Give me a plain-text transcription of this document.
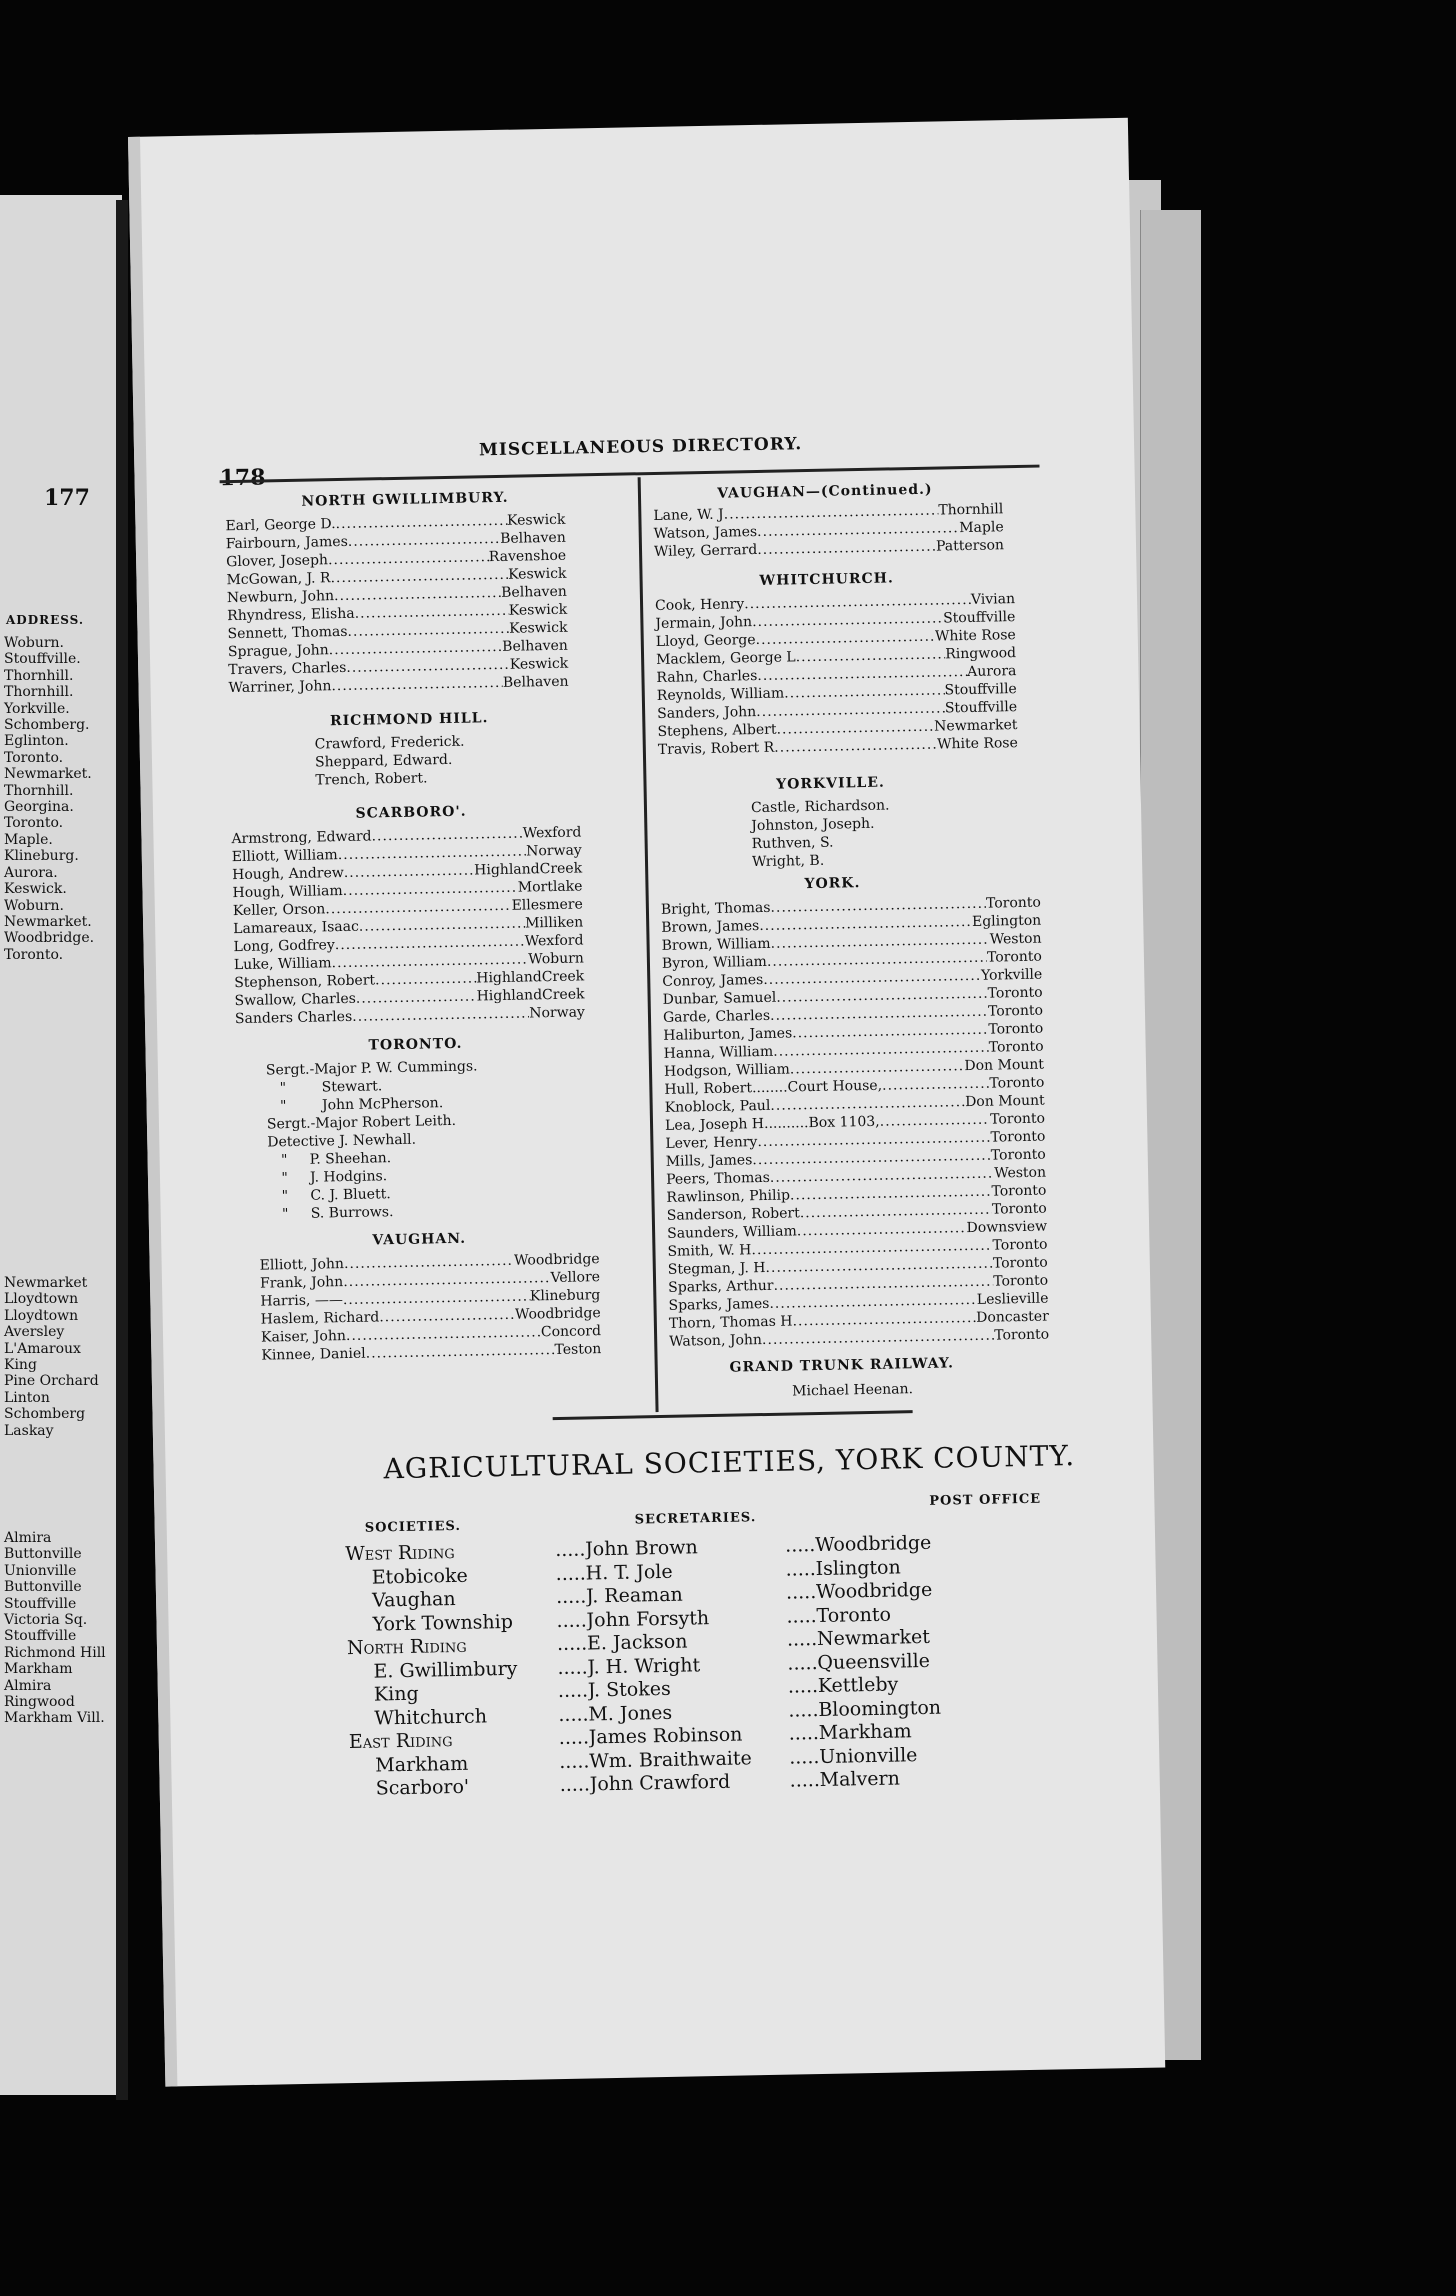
177
ADDRESS.
Woburn.
Stouffville.
Thornhill.
Thornhill.
Yorkville.
Schomberg.
Eglinton.
Toronto.
Newmarket.
Thornhill.
Georgina.
Toronto.
Maple.
Klineburg.
Aurora.
Keswick.
Woburn.
Newmarket.
Woodbridge.
Toronto.
Newmarket
Lloydtown
Lloydtown
Aversley
L'Amaroux
King
Pine Orchard
Linton
Schomberg
Laskay
Almira
Buttonville
Unionville
Buttonville
Stouffville
Victoria Sq.
Stouffville
Richmond Hill
Markham
Almira
Ringwood
Markham Vill.
178
MISCELLANEOUS DIRECTORY.
NORTH GWILLIMBURY.
Earl, George D. .....	Keswick
Fairbourn, James .....	Belhaven
Glover, Joseph .....	Ravenshoe
McGowan, J. R .....	Keswick
Newburn, John .....	Belhaven
Rhyndress, Elisha .....	Keswick
Sennett, Thomas .....	Keswick
Sprague, John .....	Belhaven
Travers, Charles .....	Keswick
Warriner, John .....	Belhaven
RICHMOND HILL.
Crawford, Frederick.
Sheppard, Edward.
Trench, Robert.
SCARBORO'.
Armstrong, Edward .....	Wexford
Elliott, William .....	Norway
Hough, Andrew .....	HighlandCreek
Hough, William .....	Mortlake
Keller, Orson .....	Ellesmere
Lamareaux, Isaac .....	Milliken
Long, Godfrey .....	Wexford
Luke, William .....	Woburn
Stephenson, Robert .....	HighlandCreek
Swallow, Charles .....	HighlandCreek
Sanders Charles .....	Norway
TORONTO.
Sergt.-Major P. W. Cummings.
"        Stewart.
"        John McPherson.
Sergt.-Major Robert Leith.
Detective J. Newhall.
"     P. Sheehan.
"     J. Hodgins.
"     C. J. Bluett.
"     S. Burrows.
VAUGHAN.
Elliott, John .....	Woodbridge
Frank, John .....	Vellore
Harris, —— .....	Klineburg
Haslem, Richard .....	Woodbridge
Kaiser, John .....	Concord
Kinnee, Daniel .....	Teston
VAUGHAN—(Continued.)
Lane, W. J .....	Thornhill
Watson, James .....	Maple
Wiley, Gerrard .....	Patterson
WHITCHURCH.
Cook, Henry .....	Vivian
Jermain, John .....	Stouffville
Lloyd, George .....	White Rose
Macklem, George L .....	Ringwood
Rahn, Charles .....	Aurora
Reynolds, William .....	Stouffville
Sanders, John .....	Stouffville
Stephens, Albert .....	Newmarket
Travis, Robert R .....	White Rose
YORKVILLE.
Castle, Richardson.
Johnston, Joseph.
Ruthven, S.
Wright, B.
YORK.
Bright, Thomas .....	Toronto
Brown, James .....	Eglington
Brown, William .....	Weston
Byron, William .....	Toronto
Conroy, James .....	Yorkville
Dunbar, Samuel .....	Toronto
Garde, Charles .....	Toronto
Haliburton, James .....	Toronto
Hanna, William .....	Toronto
Hodgson, William .....	Don Mount
Hull, Robert........Court House, .....	Toronto
Knoblock, Paul .....	Don Mount
Lea, Joseph H..........Box 1103, .....	Toronto
Lever, Henry .....	Toronto
Mills, James .....	Toronto
Peers, Thomas .....	Weston
Rawlinson, Philip .....	Toronto
Sanderson, Robert .....	Toronto
Saunders, William .....	Downsview
Smith, W. H .....	Toronto
Stegman, J. H .....	Toronto
Sparks, Arthur .....	Toronto
Sparks, James .....	Leslieville
Thorn, Thomas H .....	Doncaster
Watson, John .....	Toronto
GRAND TRUNK RAILWAY.
Michael Heenan.
AGRICULTURAL SOCIETIES, YORK COUNTY.
SOCIETIES.	SECRETARIES.
POST OFFICE
West Riding .....	John Brown .....	Woodbridge
Etobicoke .....	H. T. Jole .....	Islington
Vaughan .....	J. Reaman .....	Woodbridge
York Township .....	John Forsyth .....	Toronto
North Riding .....	E. Jackson .....	Newmarket
E. Gwillimbury .....	J. H. Wright .....	Queensville
King .....	J. Stokes .....	Kettleby
Whitchurch .....	M. Jones .....	Bloomington
East Riding .....	James Robinson .....	Markham
Markham .....	Wm. Braithwaite .....	Unionville
Scarboro' .....	John Crawford .....	Malvern
